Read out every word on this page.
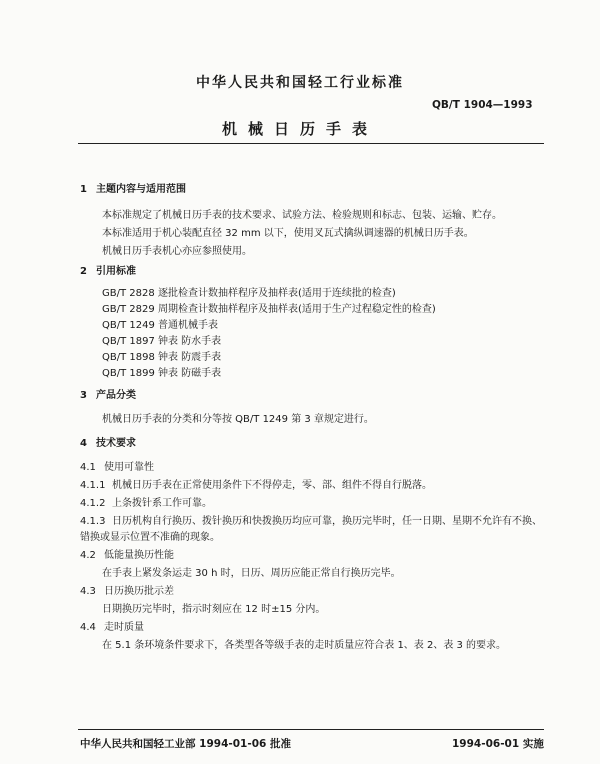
中华人民共和国轻工行业标准
QB/T 1904—1993
机械日历手表
1 主题内容与适用范围
本标准规定了机械日历手表的技术要求、试验方法、检验规则和标志、包装、运输、贮存。
本标准适用于机心装配直径 32 mm 以下，使用叉瓦式擒纵调速器的机械日历手表。
机械日历手表机心亦应参照使用。
2 引用标准
GB/T 2828 逐批检查计数抽样程序及抽样表(适用于连续批的检查)
GB/T 2829 周期检查计数抽样程序及抽样表(适用于生产过程稳定性的检查)
QB/T 1249 普通机械手表
QB/T 1897 钟表 防水手表
QB/T 1898 钟表 防震手表
QB/T 1899 钟表 防磁手表
3 产品分类
机械日历手表的分类和分等按 QB/T 1249 第 3 章规定进行。
4 技术要求
4.1 使用可靠性
4.1.1 机械日历手表在正常使用条件下不得停走，零、部、组件不得自行脱落。
4.1.2 上条拨针系工作可靠。
4.1.3 日历机构自行换历、拨针换历和快拨换历均应可靠，换历完毕时，任一日期、星期不允许有不换、
错换或显示位置不准确的现象。
4.2 低能量换历性能
在手表上紧发条运走 30 h 时，日历、周历应能正常自行换历完毕。
4.3 日历换历批示差
日期换历完毕时，指示时刻应在 12 时±15 分内。
4.4 走时质量
在 5.1 条环境条件要求下，各类型各等级手表的走时质量应符合表 1、表 2、表 3 的要求。
中华人民共和国轻工业部 1994-01-06 批准	1994-06-01 实施
